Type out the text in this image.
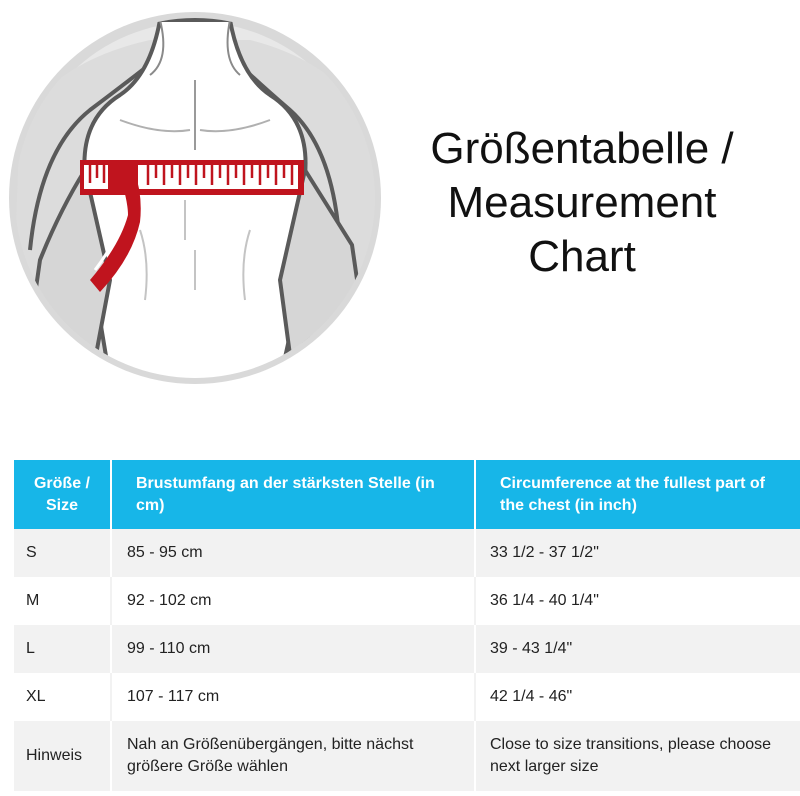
Größentabelle /
Measurement
Chart
Größe / Size	Brustumfang an der stärksten Stelle (in cm)	Circumference at the fullest part of the chest (in inch)
S	85 - 95 cm	33 1/2 - 37 1/2"
M	92 - 102 cm	36 1/4 - 40 1/4"
L	99 - 110 cm	39 - 43 1/4"
XL	107 - 117 cm	42 1/4 - 46"
Hinweis	Nah an Größenübergängen, bitte nächst größere Größe wählen	Close to size transitions, please choose next larger size
